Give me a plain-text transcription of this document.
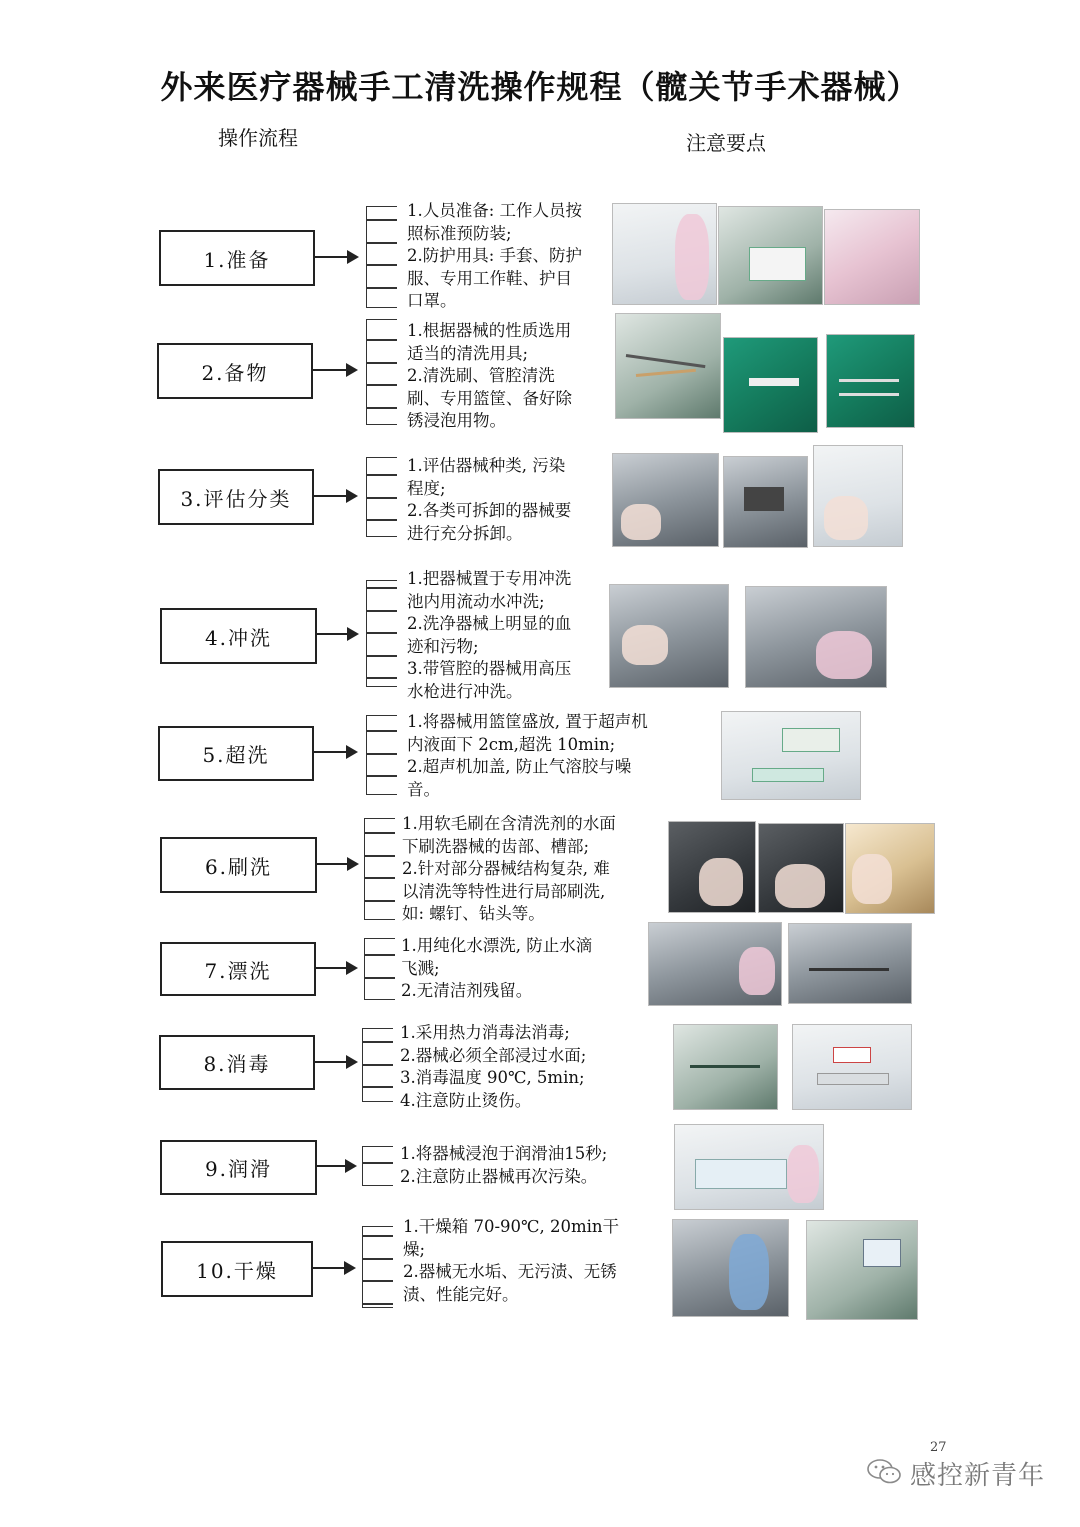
外来医疗器械手工清洗操作规程（髋关节手术器械）
操作流程	注意要点
1.准备
1.人员准备: 工作人员按
照标准预防装;
2.防护用具: 手套、防护
服、专用工作鞋、护目
口罩。
2.备物
1.根据器械的性质选用
适当的清洗用具;
2.清洗刷、管腔清洗
刷、专用篮筐、备好除
锈浸泡用物。
3.评估分类
1.评估器械种类, 污染
程度;
2.各类可拆卸的器械要
进行充分拆卸。
4.冲洗
1.把器械置于专用冲洗
池内用流动水冲洗;
2.洗净器械上明显的血
迹和污物;
3.带管腔的器械用高压
水枪进行冲洗。
5.超洗
1.将器械用篮筐盛放, 置于超声机
内液面下 2cm,超洗 10min;
2.超声机加盖, 防止气溶胶与噪
音。
6.刷洗
1.用软毛刷在含清洗剂的水面
下刷洗器械的齿部、槽部;
2.针对部分器械结构复杂, 难
以清洗等特性进行局部刷洗,
如: 螺钉、钻头等。
7.漂洗
1.用纯化水漂洗, 防止水滴
飞溅;
2.无清洁剂残留。
8.消毒
1.采用热力消毒法消毒;
2.器械必须全部浸过水面;
3.消毒温度 90℃, 5min;
4.注意防止烫伤。
9.润滑
1.将器械浸泡于润滑油15秒;
2.注意防止器械再次污染。
10.干燥
1.干燥箱 70-90℃, 20min干
燥;
2.器械无水垢、无污渍、无锈
渍、性能完好。
27
感控新青年
